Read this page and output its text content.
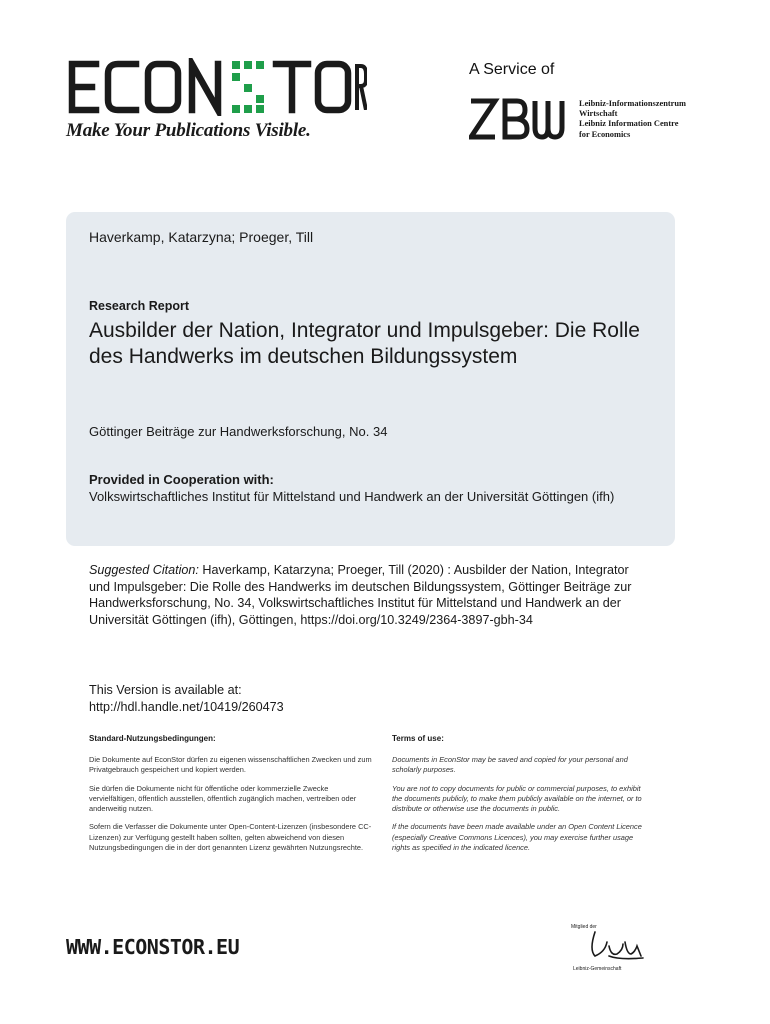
Make Your Publications Visible.
A Service of
Leibniz-Informationszentrum
Wirtschaft
Leibniz Information Centre
for Economics
Haverkamp, Katarzyna; Proeger, Till
Research Report
Ausbilder der Nation, Integrator und Impulsgeber: Die Rolle des Handwerks im deutschen Bildungssystem
Göttinger Beiträge zur Handwerksforschung, No. 34
Provided in Cooperation with:
Volkswirtschaftliches Institut für Mittelstand und Handwerk an der Universität Göttingen (ifh)
Suggested Citation: Haverkamp, Katarzyna; Proeger, Till (2020) : Ausbilder der Nation, Integrator und Impulsgeber: Die Rolle des Handwerks im deutschen Bildungssystem, Göttinger Beiträge zur Handwerksforschung, No. 34, Volkswirtschaftliches Institut für Mittelstand und Handwerk an der Universität Göttingen (ifh), Göttingen, https://doi.org/10.3249/2364-3897-gbh-34
This Version is available at:
http://hdl.handle.net/10419/260473
Standard-Nutzungsbedingungen:

Die Dokumente auf EconStor dürfen zu eigenen wissenschaftlichen Zwecken und zum Privatgebrauch gespeichert und kopiert werden.

Sie dürfen die Dokumente nicht für öffentliche oder kommerzielle Zwecke vervielfältigen, öffentlich ausstellen, öffentlich zugänglich machen, vertreiben oder anderweitig nutzen.

Sofern die Verfasser die Dokumente unter Open-Content-Lizenzen (insbesondere CC-Lizenzen) zur Verfügung gestellt haben sollten, gelten abweichend von diesen Nutzungsbedingungen die in der dort genannten Lizenz gewährten Nutzungsrechte.

Terms of use:

Documents in EconStor may be saved and copied for your personal and scholarly purposes.

You are not to copy documents for public or commercial purposes, to exhibit the documents publicly, to make them publicly available on the internet, or to distribute or otherwise use the documents in public.

If the documents have been made available under an Open Content Licence (especially Creative Commons Licences), you may exercise further usage rights as specified in the indicated licence.

WWW.ECONSTOR.EU
Mitglied der
Leibniz-Gemeinschaft
